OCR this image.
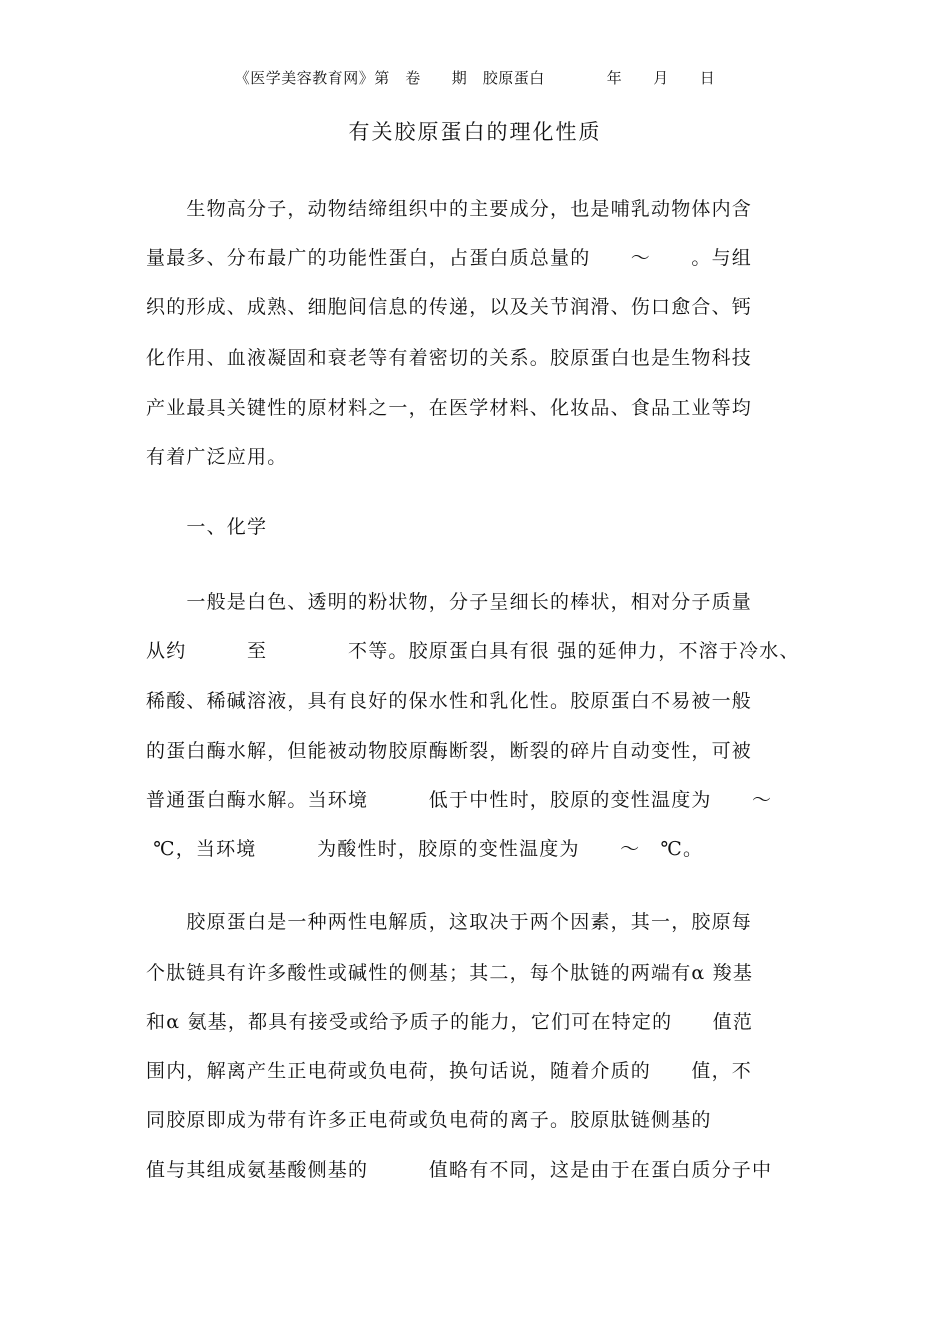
《医学美容教育网》第　卷　　期　胶原蛋白　　　　年　　月　　日
有关胶原蛋白的理化性质
　　生物高分子，动物结缔组织中的主要成分，也是哺乳动物体内含
量最多、分布最广的功能性蛋白，占蛋白质总量的　　～　　。与组
织的形成、成熟、细胞间信息的传递，以及关节润滑、伤口愈合、钙
化作用、血液凝固和衰老等有着密切的关系。胶原蛋白也是生物科技
产业最具关键性的原材料之一，在医学材料、化妆品、食品工业等均
有着广泛应用。
　　一、化学
　　一般是白色、透明的粉状物，分子呈细长的棒状，相对分子质量
从约　　　至　　　　不等。胶原蛋白具有很 强的延伸力，不溶于冷水、
稀酸、稀碱溶液，具有良好的保水性和乳化性。胶原蛋白不易被一般
的蛋白酶水解，但能被动物胶原酶断裂，断裂的碎片自动变性，可被
普通蛋白酶水解。当环境　　　低于中性时，胶原的变性温度为　　～
℃，当环境　　　为酸性时，胶原的变性温度为　　～　℃。
　　胶原蛋白是一种两性电解质，这取决于两个因素，其一，胶原每
个肽链具有许多酸性或碱性的侧基；其二，每个肽链的两端有α 羧基
和α 氨基，都具有接受或给予质子的能力，它们可在特定的　　值范
围内，解离产生正电荷或负电荷，换句话说，随着介质的　　值，不
同胶原即成为带有许多正电荷或负电荷的离子。胶原肽链侧基的
值与其组成氨基酸侧基的　　　值略有不同，这是由于在蛋白质分子中
